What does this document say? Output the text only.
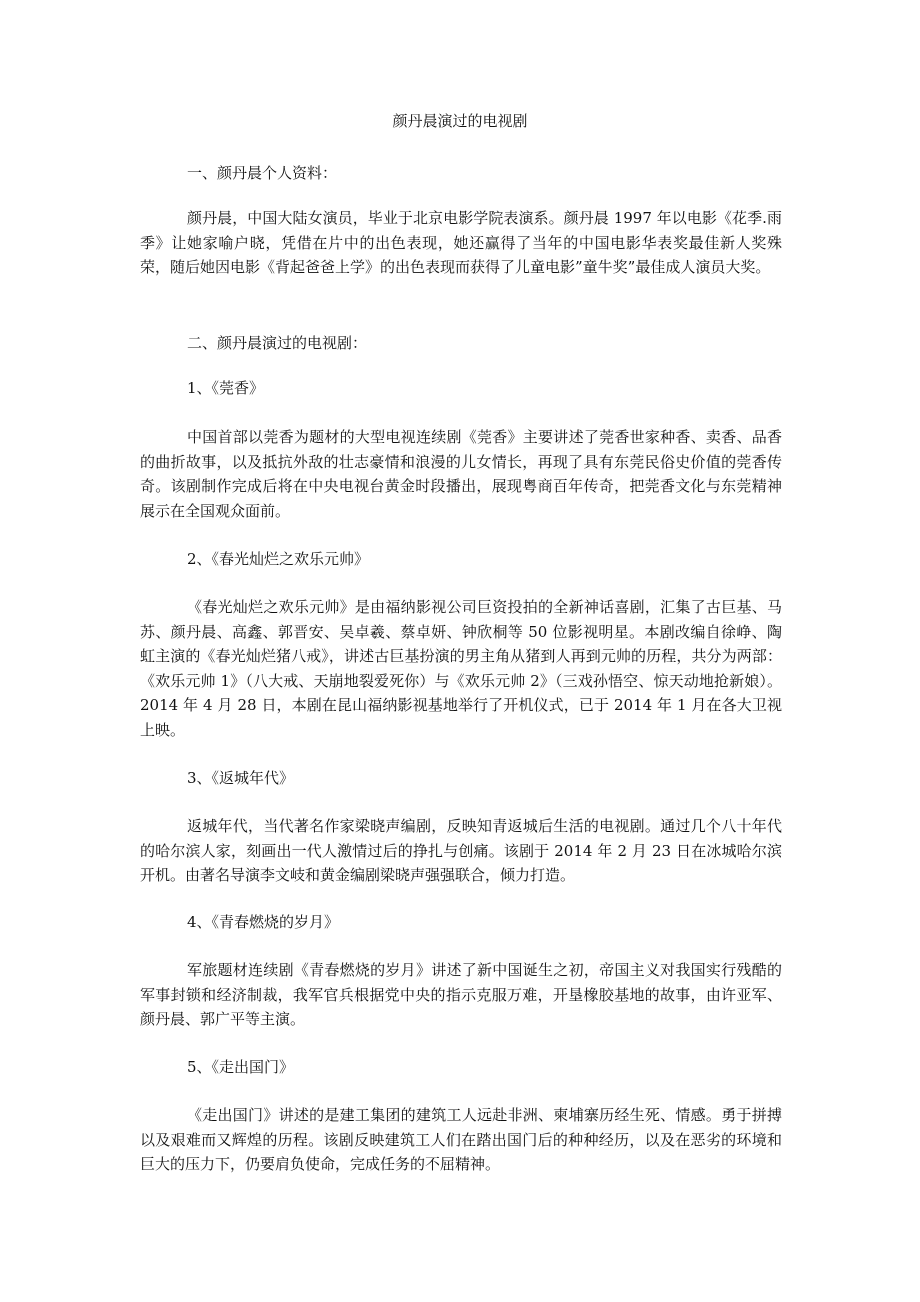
颜丹晨演过的电视剧

一、颜丹晨个人资料：

颜丹晨，中国大陆女演员，毕业于北京电影学院表演系。颜丹晨 1997 年以电影《花季.雨季》让她家喻户晓，凭借在片中的出色表现，她还赢得了当年的中国电影华表奖最佳新人奖殊荣，随后她因电影《背起爸爸上学》的出色表现而获得了儿童电影”童牛奖”最佳成人演员大奖。

二、颜丹晨演过的电视剧：

1、《莞香》

中国首部以莞香为题材的大型电视连续剧《莞香》主要讲述了莞香世家种香、卖香、品香的曲折故事，以及抵抗外敌的壮志豪情和浪漫的儿女情长，再现了具有东莞民俗史价值的莞香传奇。该剧制作完成后将在中央电视台黄金时段播出，展现粤商百年传奇，把莞香文化与东莞精神展示在全国观众面前。

2、《春光灿烂之欢乐元帅》

《春光灿烂之欢乐元帅》是由福纳影视公司巨资投拍的全新神话喜剧，汇集了古巨基、马苏、颜丹晨、高鑫、郭晋安、吴卓羲、蔡卓妍、钟欣桐等 50 位影视明星。本剧改编自徐峥、陶虹主演的《春光灿烂猪八戒》，讲述古巨基扮演的男主角从猪到人再到元帅的历程，共分为两部：《欢乐元帅 1》（八大戒、天崩地裂爱死你）与《欢乐元帅 2》（三戏孙悟空、惊天动地抢新娘）。2014 年 4 月 28 日，本剧在昆山福纳影视基地举行了开机仪式，已于 2014 年 1 月在各大卫视上映。

3、《返城年代》

返城年代，当代著名作家梁晓声编剧，反映知青返城后生活的电视剧。通过几个八十年代的哈尔滨人家，刻画出一代人激情过后的挣扎与创痛。该剧于 2014 年 2 月 23 日在冰城哈尔滨开机。由著名导演李文岐和黄金编剧梁晓声强强联合，倾力打造。

4、《青春燃烧的岁月》

军旅题材连续剧《青春燃烧的岁月》讲述了新中国诞生之初，帝国主义对我国实行残酷的军事封锁和经济制裁，我军官兵根据党中央的指示克服万难，开垦橡胶基地的故事，由许亚军、颜丹晨、郭广平等主演。

5、《走出国门》

《走出国门》讲述的是建工集团的建筑工人远赴非洲、柬埔寨历经生死、情感。勇于拼搏以及艰难而又辉煌的历程。该剧反映建筑工人们在踏出国门后的种种经历，以及在恶劣的环境和巨大的压力下，仍要肩负使命，完成任务的不屈精神。
